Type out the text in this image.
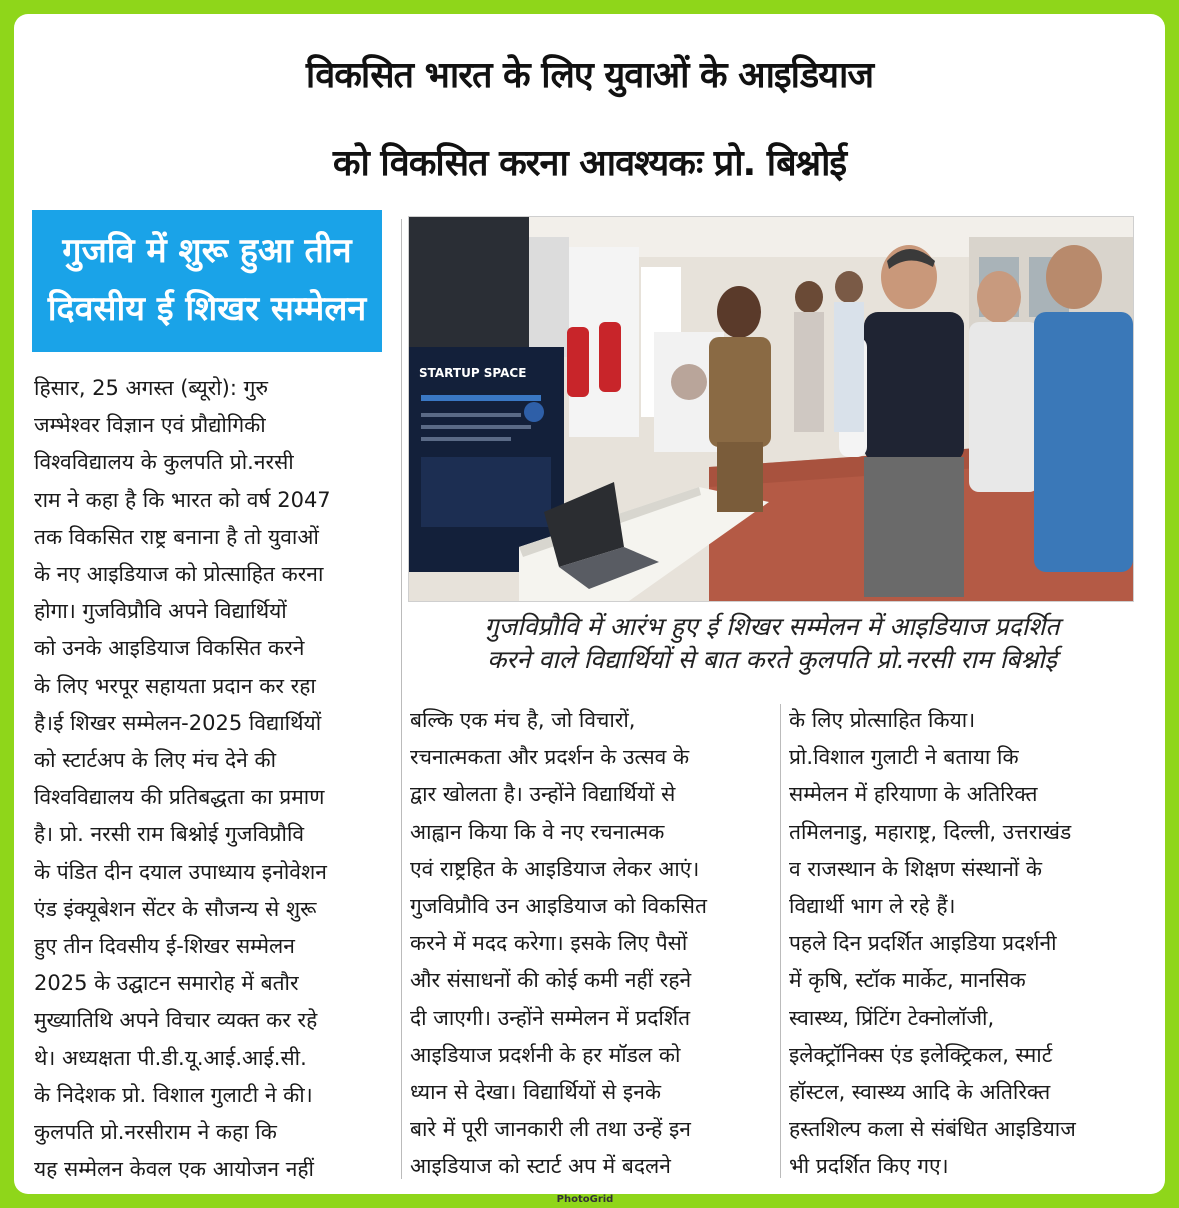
विकसित भारत के लिए युवाओं के आइडियाज
को विकसित करना आवश्यकः प्रो. बिश्नोई
गुजवि में शुरू हुआ तीन
दिवसीय ई शिखर सम्मेलन
STARTUP SPACE
गुजविप्रौवि में आरंभ हुए ई शिखर सम्मेलन में आइडियाज प्रदर्शित
करने वाले विद्यार्थियों से बात करते कुलपति प्रो.नरसी राम बिश्नोई
हिसार, 25 अगस्त (ब्यूरो): गुरु
जम्भेश्वर विज्ञान एवं प्रौद्योगिकी
विश्वविद्यालय के कुलपति प्रो.नरसी
राम ने कहा है कि भारत को वर्ष 2047
तक विकसित राष्ट्र बनाना है तो युवाओं
के नए आइडियाज को प्रोत्साहित करना
होगा। गुजविप्रौवि अपने विद्यार्थियों
को उनके आइडियाज विकसित करने
के लिए भरपूर सहायता प्रदान कर रहा
है।ई शिखर सम्मेलन-2025 विद्यार्थियों
को स्टार्टअप के लिए मंच देने की
विश्वविद्यालय की प्रतिबद्धता का प्रमाण
है। प्रो. नरसी राम बिश्नोई गुजविप्रौवि
के पंडित दीन दयाल उपाध्याय इनोवेशन
एंड इंक्यूबेशन सेंटर के सौजन्य से शुरू
हुए तीन दिवसीय ई-शिखर सम्मेलन
2025 के उद्घाटन समारोह में बतौर
मुख्यातिथि अपने विचार व्यक्त कर रहे
थे। अध्यक्षता पी.डी.यू.आई.आई.सी.
के निदेशक प्रो. विशाल गुलाटी ने की।
कुलपति प्रो.नरसीराम ने कहा कि
यह सम्मेलन केवल एक आयोजन नहीं
बल्कि एक मंच है, जो विचारों,
रचनात्मकता और प्रदर्शन के उत्सव के
द्वार खोलता है। उन्होंने विद्यार्थियों से
आह्वान किया कि वे नए रचनात्मक
एवं राष्ट्रहित के आइडियाज लेकर आएं।
गुजविप्रौवि उन आइडियाज को विकसित
करने में मदद करेगा। इसके लिए पैसों
और संसाधनों की कोई कमी नहीं रहने
दी जाएगी। उन्होंने सम्मेलन में प्रदर्शित
आइडियाज प्रदर्शनी के हर मॉडल को
ध्यान से देखा। विद्यार्थियों से इनके
बारे में पूरी जानकारी ली तथा उन्हें इन
आइडियाज को स्टार्ट अप में बदलने
के लिए प्रोत्साहित किया।
प्रो.विशाल गुलाटी ने बताया कि
सम्मेलन में हरियाणा के अतिरिक्त
तमिलनाडु, महाराष्ट्र, दिल्ली, उत्तराखंड
व राजस्थान के शिक्षण संस्थानों के
विद्यार्थी भाग ले रहे हैं।
पहले दिन प्रदर्शित आइडिया प्रदर्शनी
में कृषि, स्टॉक मार्केट, मानसिक
स्वास्थ्य, प्रिंटिंग टेक्नोलॉजी,
इलेक्ट्रॉनिक्स एंड इलेक्ट्रिकल, स्मार्ट
हॉस्टल, स्वास्थ्य आदि के अतिरिक्त
हस्तशिल्प कला से संबंधित आइडियाज
भी प्रदर्शित किए गए।
PhotoGrid
